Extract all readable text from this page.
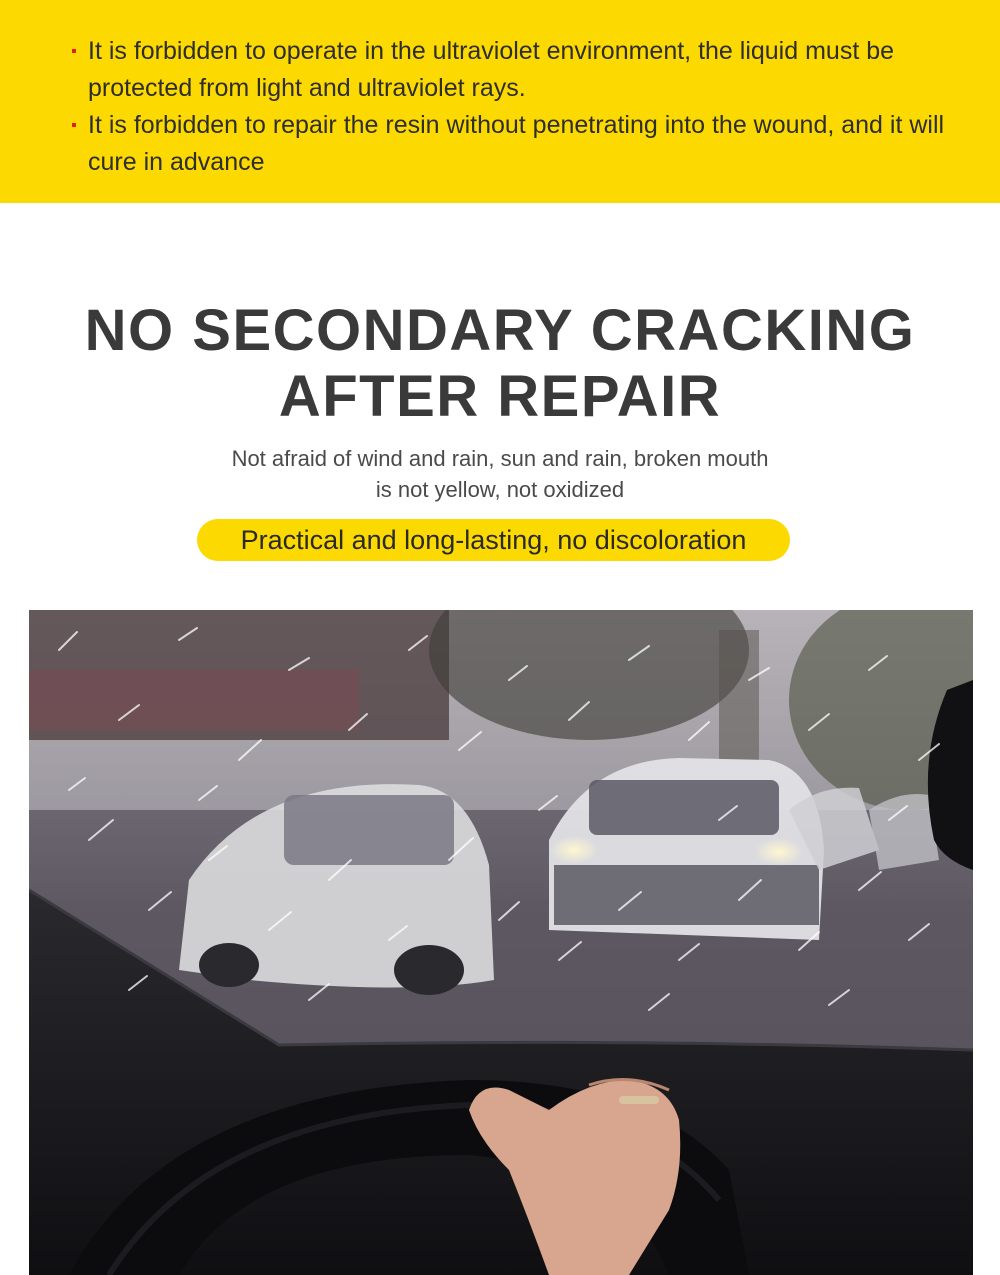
It is forbidden to operate in the ultraviolet environment, the liquid must be protected from light and ultraviolet rays.

It is forbidden to repair the resin without penetrating into the wound, and it will cure in advance

NO SECONDARY CRACKING
AFTER REPAIR
Not afraid of wind and rain, sun and rain, broken mouth
is not yellow, not oxidized
Practical and long-lasting, no discoloration
